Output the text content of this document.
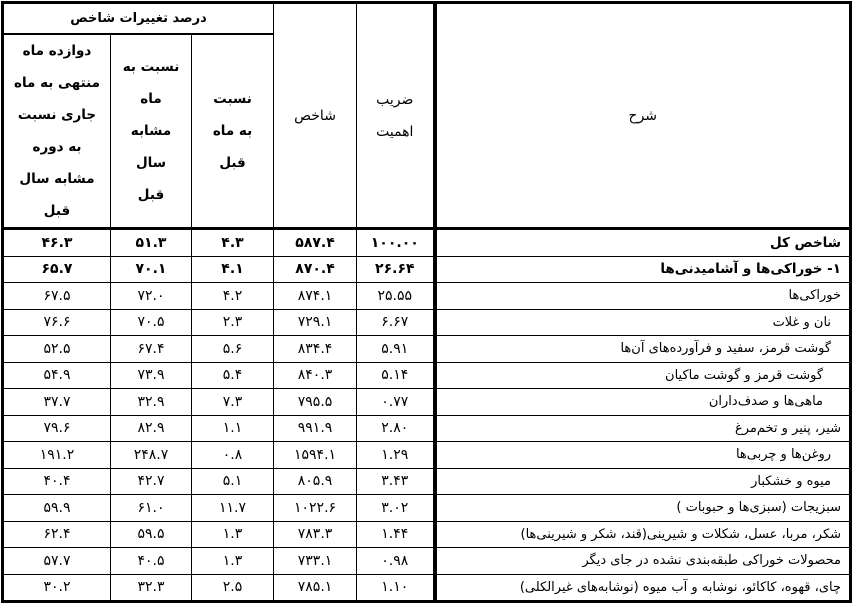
درصد تغییرات شاخص			شاخص	ضریب اهمیت	شرح
دوازده ماه منتهی به ماه جاری نسبت به دوره مشابه سال قبل	نسبت به ماه مشابه سال قبل	نسبت به ماه قبل			
۴۶.۳	۵۱.۳	۴.۳	۵۸۷.۴	۱۰۰.۰۰	شاخص کل
۶۵.۷	۷۰.۱	۴.۱	۸۷۰.۴	۲۶.۶۴	۱- خوراکی‌ها و آشامیدنی‌ها
۶۷.۵	۷۲.۰	۴.۲	۸۷۴.۱	۲۵.۵۵	خوراکی‌ها
۷۶.۶	۷۰.۵	۲.۳	۷۲۹.۱	۶.۶۷	نان و غلات
۵۲.۵	۶۷.۴	۵.۶	۸۳۴.۴	۵.۹۱	گوشت قرمز، سفید و فرآورده‌های آن‌ها
۵۴.۹	۷۳.۹	۵.۴	۸۴۰.۳	۵.۱۴	گوشت قرمز و گوشت ماکیان
۳۷.۷	۳۲.۹	۷.۳	۷۹۵.۵	۰.۷۷	ماهی‌ها و صدف‌داران
۷۹.۶	۸۲.۹	۱.۱	۹۹۱.۹	۲.۸۰	شیر، پنیر و تخم‌مرغ
۱۹۱.۲	۲۴۸.۷	۰.۸	۱۵۹۴.۱	۱.۲۹	روغن‌ها و چربی‌ها
۴۰.۴	۴۲.۷	۵.۱	۸۰۵.۹	۳.۴۳	میوه و خشکبار
۵۹.۹	۶۱.۰	۱۱.۷	۱۰۲۲.۶	۳.۰۲	سبزیجات (سبزی‌ها و حبوبات )
۶۲.۴	۵۹.۵	۱.۳	۷۸۳.۳	۱.۴۴	شکر، مربا، عسل، شکلات و شیرینی(قند، شکر و شیرینی‌ها)
۵۷.۷	۴۰.۵	۱.۳	۷۳۳.۱	۰.۹۸	محصولات خوراکی طبقه‌بندی نشده در جای دیگر
۳۰.۲	۳۲.۳	۲.۵	۷۸۵.۱	۱.۱۰	چای، قهوه، کاکائو، نوشابه و آب میوه (نوشابه‌های غیرالکلی)
